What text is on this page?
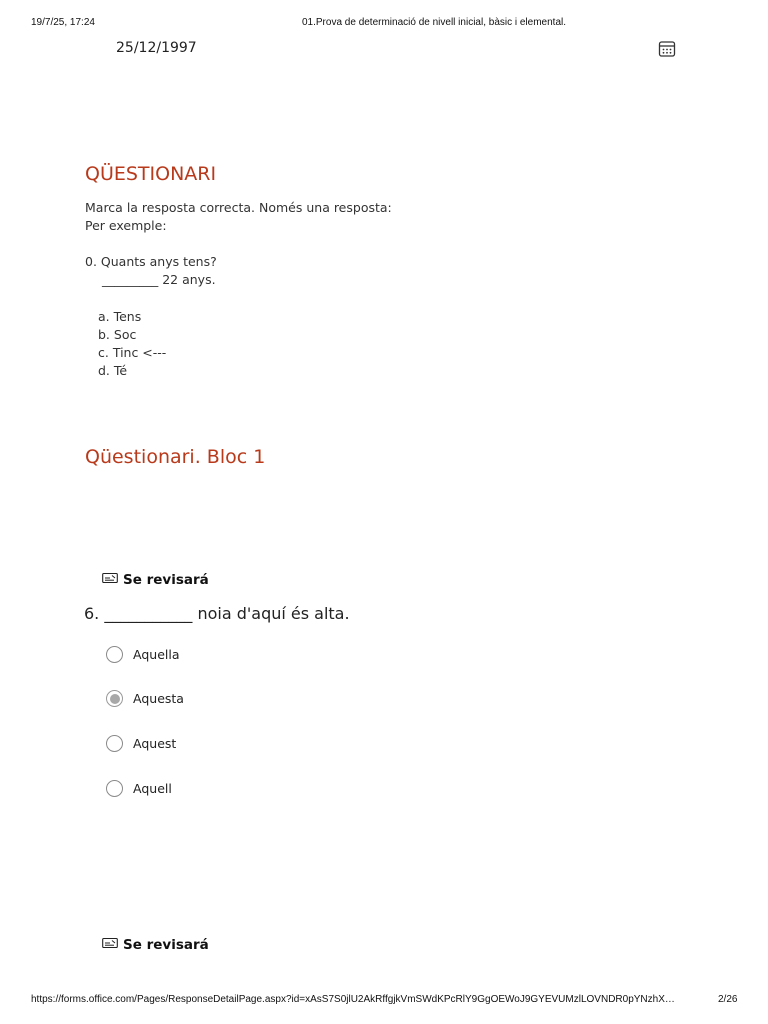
19/7/25, 17:24	01.Prova de determinació de nivell inicial, bàsic i elemental.
25/12/1997
QÜESTIONARI
Marca la resposta correcta. Només una resposta:
Per exemple:
0. Quants anys tens?
_________ 22 anys.
a. Tens
b. Soc
c. Tinc <---
d. Té
Qüestionari. Bloc 1
Se revisará
6. ___________ noia d'aquí és alta.
Aquella
Aquesta
Aquest
Aquell
Se revisará
https://forms.office.com/Pages/ResponseDetailPage.aspx?id=xAsS7S0jlU2AkRffgjkVmSWdKPcRlY9GgOEWoJ9GYEVUMzlLOVNDR0pYNzhX…	2/26
